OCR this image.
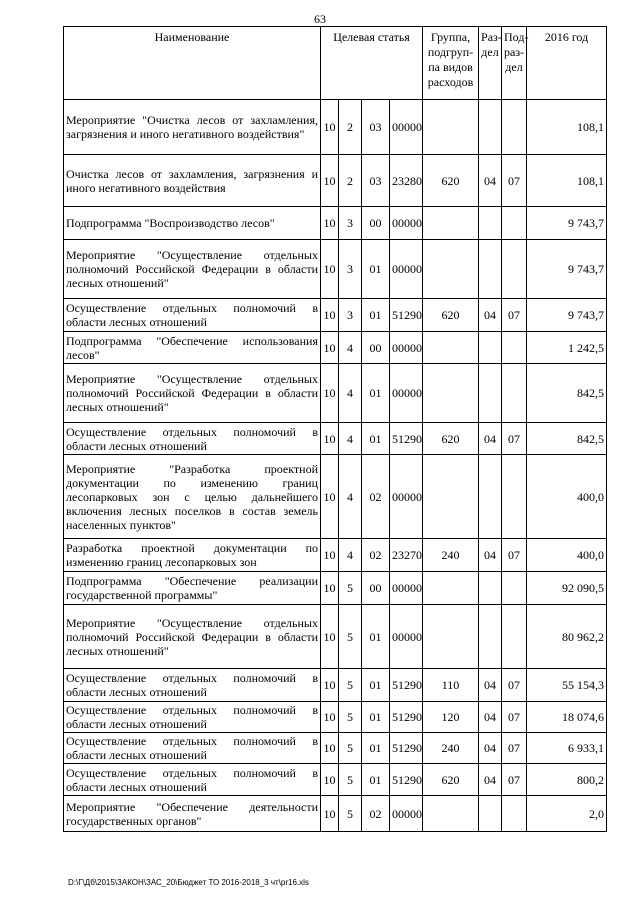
63
Наименование	Целевая статья				Группа, подгруп-па видов расходов	Раз-дел	Под-раз-дел	2016 год
Мероприятие "Очистка лесов от захламления, загрязнения и иного негативного воздействия"	10	2	03	00000				108,1
Очистка лесов от захламления, загрязнения и иного негативного воздействия	10	2	03	23280	620	04	07	108,1
Подпрограмма "Воспроизводство лесов"	10	3	00	00000				9 743,7
Мероприятие "Осуществление отдельных полномочий Российской Федерации в области лесных отношений"	10	3	01	00000				9 743,7
Осуществление отдельных полномочий в области лесных отношений	10	3	01	51290	620	04	07	9 743,7
Подпрограмма "Обеспечение использования лесов"	10	4	00	00000				1 242,5
Мероприятие "Осуществление отдельных полномочий Российской Федерации в области лесных отношений"	10	4	01	00000				842,5
Осуществление отдельных полномочий в области лесных отношений	10	4	01	51290	620	04	07	842,5
Мероприятие "Разработка проектной документации по изменению границ лесопарковых зон с целью дальнейшего включения лесных поселков в состав земель населенных пунктов"	10	4	02	00000				400,0
Разработка проектной документации по изменению границ лесопарковых зон	10	4	02	23270	240	04	07	400,0
Подпрограмма "Обеспечение реализации государственной программы"	10	5	00	00000				92 090,5
Мероприятие "Осуществление отдельных полномочий Российской Федерации в области лесных отношений"	10	5	01	00000				80 962,2
Осуществление отдельных полномочий в области лесных отношений	10	5	01	51290	110	04	07	55 154,3
Осуществление отдельных полномочий в области лесных отношений	10	5	01	51290	120	04	07	18 074,6
Осуществление отдельных полномочий в области лесных отношений	10	5	01	51290	240	04	07	6 933,1
Осуществление отдельных полномочий в области лесных отношений	10	5	01	51290	620	04	07	800,2
Мероприятие "Обеспечение деятельности государственных органов"	10	5	02	00000				2,0
D:\Г\Дб\2015\ЗАКОН\ЗАС_20\Бюджет ТО 2016-2018_3 чт\pr16.xls
